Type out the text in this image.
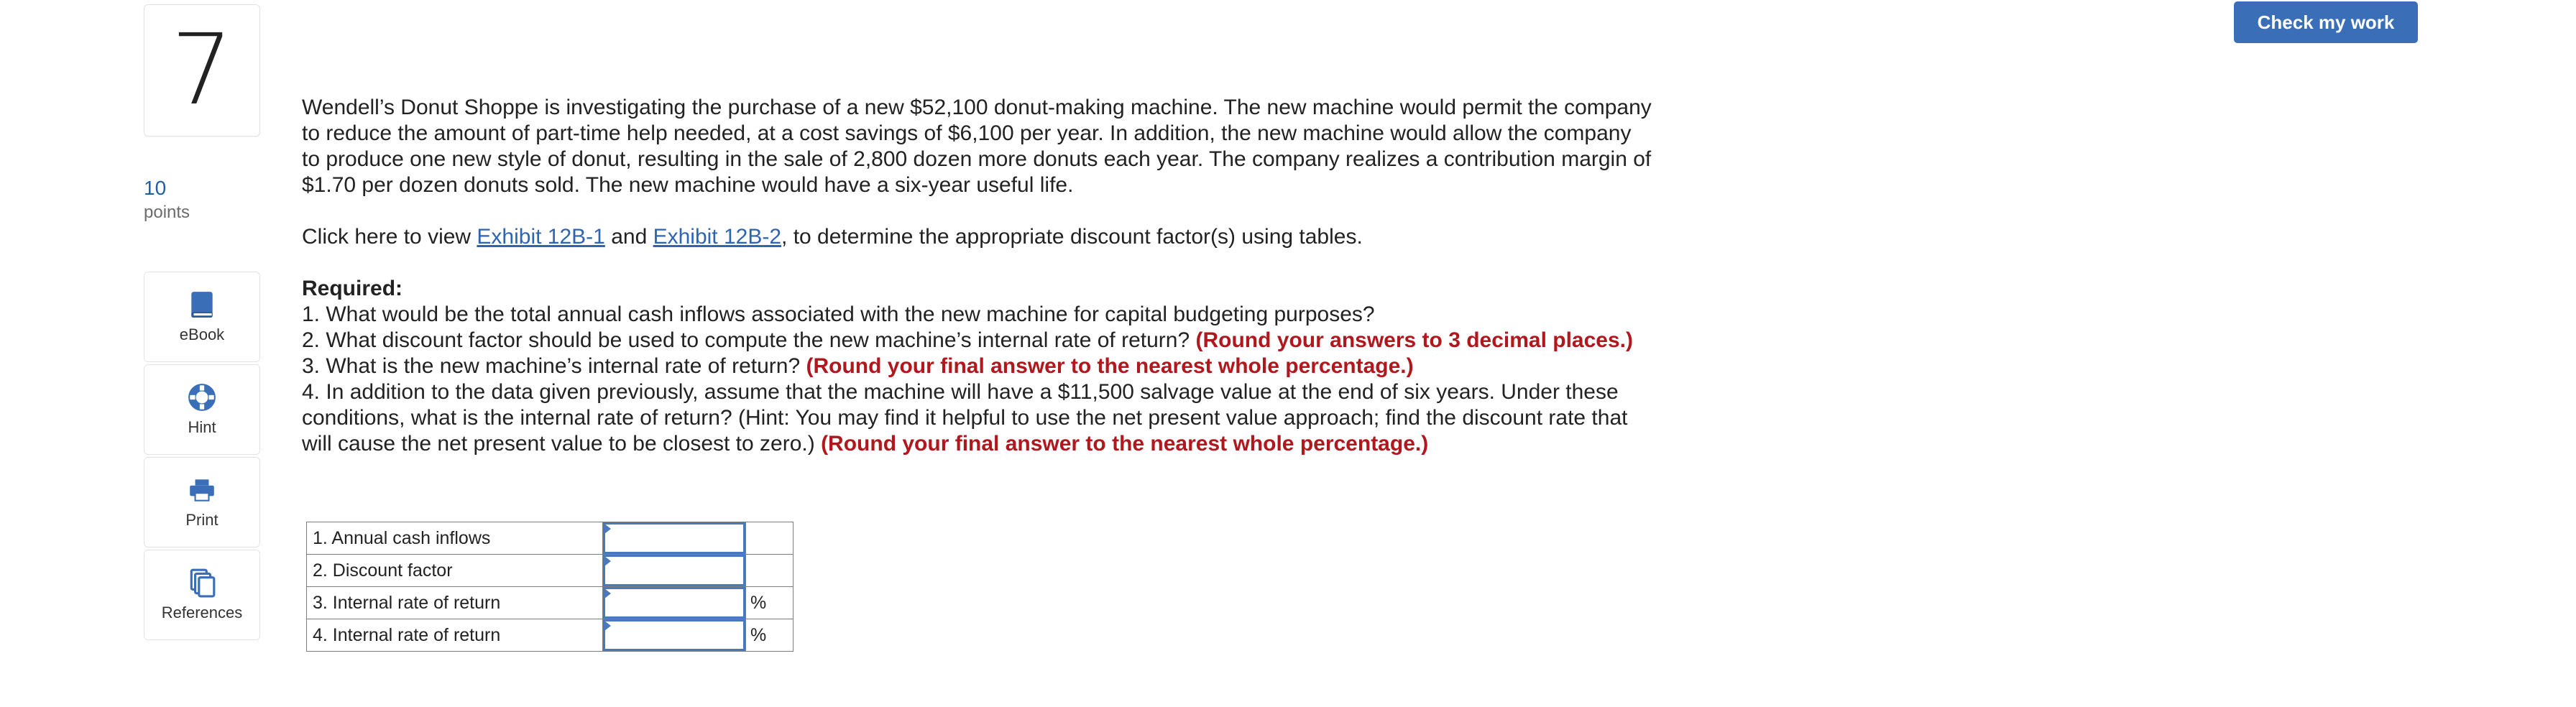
7
10
points
eBook
Hint
Print
References
Check my work

Wendell’s Donut Shoppe is investigating the purchase of a new $52,100 donut-making machine. The new machine would permit the company to reduce the amount of part-time help needed, at a cost savings of $6,100 per year. In addition, the new machine would allow the company to produce one new style of donut, resulting in the sale of 2,800 dozen more donuts each year. The company realizes a contribution margin of $1.70 per dozen donuts sold. The new machine would have a six-year useful life.

Click here to view Exhibit 12B-1 and Exhibit 12B-2, to determine the appropriate discount factor(s) using tables.

Required:

1. What would be the total annual cash inflows associated with the new machine for capital budgeting purposes?

2. What discount factor should be used to compute the new machine’s internal rate of return? (Round your answers to 3 decimal places.)

3. What is the new machine’s internal rate of return? (Round your final answer to the nearest whole percentage.)

4. In addition to the data given previously, assume that the machine will have a $11,500 salvage value at the end of six years. Under these conditions, what is the internal rate of return? (Hint: You may find it helpful to use the net present value approach; find the discount rate that will cause the net present value to be closest to zero.) (Round your final answer to the nearest whole percentage.)

1. Annual cash inflows	

2. Discount factor	

3. Internal rate of return		%
4. Internal rate of return		%
